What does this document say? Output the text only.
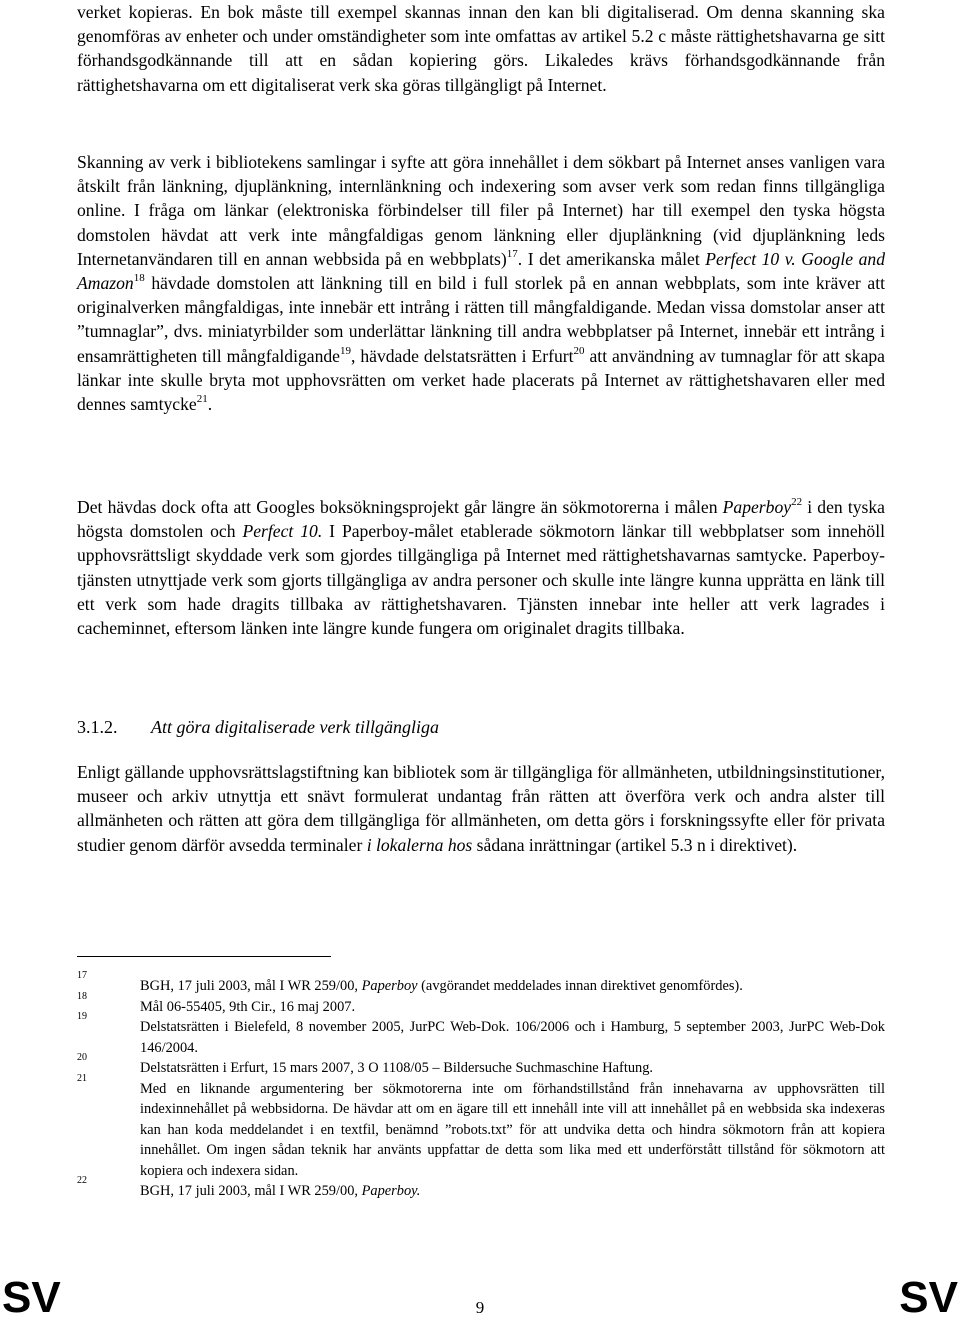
verket kopieras. En bok måste till exempel skannas innan den kan bli digitaliserad. Om denna skanning ska genomföras av enheter och under omständigheter som inte omfattas av artikel 5.2 c måste rättighetshavarna ge sitt förhandsgodkännande till att en sådan kopiering görs. Likaledes krävs förhandsgodkännande från rättighetshavarna om ett digitaliserat verk ska göras tillgängligt på Internet.

Skanning av verk i bibliotekens samlingar i syfte att göra innehållet i dem sökbart på Internet anses vanligen vara åtskilt från länkning, djuplänkning, internlänkning och indexering som avser verk som redan finns tillgängliga online. I fråga om länkar (elektroniska förbindelser till filer på Internet) har till exempel den tyska högsta domstolen hävdat att verk inte mångfaldigas genom länkning eller djuplänkning (vid djuplänkning leds Internetanvändaren till en annan webbsida på en webbplats)$^{17}$. I det amerikanska målet Perfect 10 v. Google and Amazon$^{18}$ hävdade domstolen att länkning till en bild i full storlek på en annan webbplats, som inte kräver att originalverken mångfaldigas, inte innebär ett intrång i rätten till mångfaldigande. Medan vissa domstolar anser att ”tumnaglar”, dvs. miniatyrbilder som underlättar länkning till andra webbplatser på Internet, innebär ett intrång i ensamrättigheten till mångfaldigande$^{19}$, hävdade delstatsrätten i Erfurt$^{20}$ att användning av tumnaglar för att skapa länkar inte skulle bryta mot upphovsrätten om verket hade placerats på Internet av rättighetshavaren eller med dennes samtycke$^{21}$.

Det hävdas dock ofta att Googles boksökningsprojekt går längre än sökmotorerna i målen Paperboy$^{22}$ i den tyska högsta domstolen och Perfect 10. I Paperboy-målet etablerade sökmotorn länkar till webbplatser som innehöll upphovsrättsligt skyddade verk som gjordes tillgängliga på Internet med rättighetshavarnas samtycke. Paperboy-tjänsten utnyttjade verk som gjorts tillgängliga av andra personer och skulle inte längre kunna upprätta en länk till ett verk som hade dragits tillbaka av rättighetshavaren. Tjänsten innebar inte heller att verk lagrades i cacheminnet, eftersom länken inte längre kunde fungera om originalet dragits tillbaka.

3.1.2. Att göra digitaliserade verk tillgängliga

Enligt gällande upphovsrättslagstiftning kan bibliotek som är tillgängliga för allmänheten, utbildningsinstitutioner, museer och arkiv utnyttja ett snävt formulerat undantag från rätten att överföra verk och andra alster till allmänheten och rätten att göra dem tillgängliga för allmänheten, om detta görs i forskningssyfte eller för privata studier genom därför avsedda terminaler i lokalerna hos sådana inrättningar (artikel 5.3 n i direktivet).

17
BGH, 17 juli 2003, mål I WR 259/00, Paperboy (avgörandet meddelades innan direktivet genomfördes).
18
Mål 06-55405, 9th Cir., 16 maj 2007.
19
Delstatsrätten i Bielefeld, 8 november 2005, JurPC Web-Dok. 106/2006 och i Hamburg, 5 september 2003, JurPC Web-Dok 146/2004.
20
Delstatsrätten i Erfurt, 15 mars 2007, 3 O 1108/05 – Bildersuche Suchmaschine Haftung.
21
Med en liknande argumentering ber sökmotorerna inte om förhandstillstånd från innehavarna av upphovsrätten till indexinnehållet på webbsidorna. De hävdar att om en ägare till ett innehåll inte vill att innehållet på en webbsida ska indexeras kan han koda meddelandet i en textfil, benämnd ”robots.txt” för att undvika detta och hindra sökmotorn från att kopiera innehållet. Om ingen sådan teknik har använts uppfattar de detta som lika med ett underförstått tillstånd för sökmotorn att kopiera och indexera sidan.
22
BGH, 17 juli 2003, mål I WR 259/00, Paperboy.
SV	9	SV
